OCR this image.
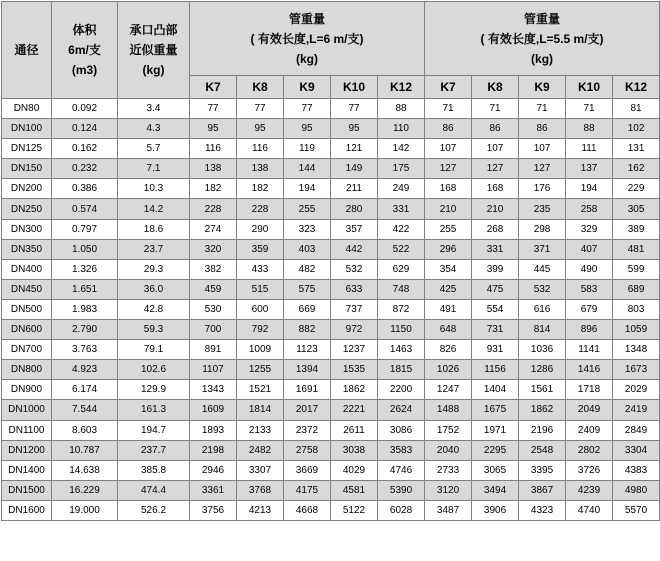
通径	体积
6m/支
(m3)	承口凸部
近似重量
(kg)	管重量
( 有效长度,L=6 m/支)
(kg)					管重量
( 有效长度,L=5.5 m/支)
(kg)				

			K7	K8	K9	K10	K12	K7	K8	K9	K10	K12
DN80	0.092	3.4	77	77	77	77	88	71	71	71	71	81
DN100	0.124	4.3	95	95	95	95	110	86	86	86	88	102
DN125	0.162	5.7	116	116	119	121	142	107	107	107	111	131
DN150	0.232	7.1	138	138	144	149	175	127	127	127	137	162
DN200	0.386	10.3	182	182	194	211	249	168	168	176	194	229
DN250	0.574	14.2	228	228	255	280	331	210	210	235	258	305
DN300	0.797	18.6	274	290	323	357	422	255	268	298	329	389
DN350	1.050	23.7	320	359	403	442	522	296	331	371	407	481
DN400	1.326	29.3	382	433	482	532	629	354	399	445	490	599
DN450	1.651	36.0	459	515	575	633	748	425	475	532	583	689
DN500	1.983	42.8	530	600	669	737	872	491	554	616	679	803
DN600	2.790	59.3	700	792	882	972	1150	648	731	814	896	1059
DN700	3.763	79.1	891	1009	1123	1237	1463	826	931	1036	1141	1348
DN800	4.923	102.6	1107	1255	1394	1535	1815	1026	1156	1286	1416	1673
DN900	6.174	129.9	1343	1521	1691	1862	2200	1247	1404	1561	1718	2029
DN1000	7.544	161.3	1609	1814	2017	2221	2624	1488	1675	1862	2049	2419
DN1100	8.603	194.7	1893	2133	2372	2611	3086	1752	1971	2196	2409	2849
DN1200	10.787	237.7	2198	2482	2758	3038	3583	2040	2295	2548	2802	3304
DN1400	14.638	385.8	2946	3307	3669	4029	4746	2733	3065	3395	3726	4383
DN1500	16.229	474.4	3361	3768	4175	4581	5390	3120	3494	3867	4239	4980
DN1600	19.000	526.2	3756	4213	4668	5122	6028	3487	3906	4323	4740	5570
